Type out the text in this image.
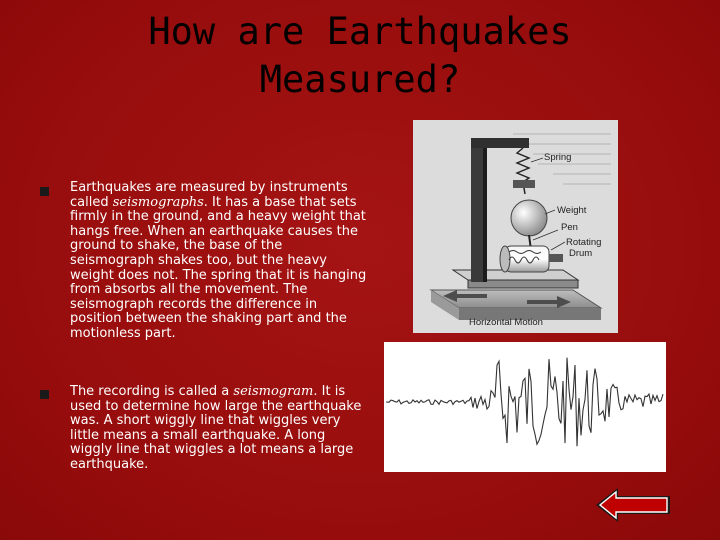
How are Earthquakes
Measured?
Earthquakes are measured by instruments called seismographs. It has a base that sets firmly in the ground, and a heavy weight that hangs free. When an earthquake causes the ground to shake, the base of the seismograph shakes too, but the heavy weight does not. The spring that it is hanging from absorbs all the movement. The seismograph records the difference in position between the shaking part and the motionless part.
The recording is called a seismogram. It is used to determine how large the earthquake was. A short wiggly line that wiggles very little means a small earthquake. A long wiggly line that wiggles a lot means a large earthquake.
Spring
Weight
Pen
Rotating
Drum
Horizontal Motion
